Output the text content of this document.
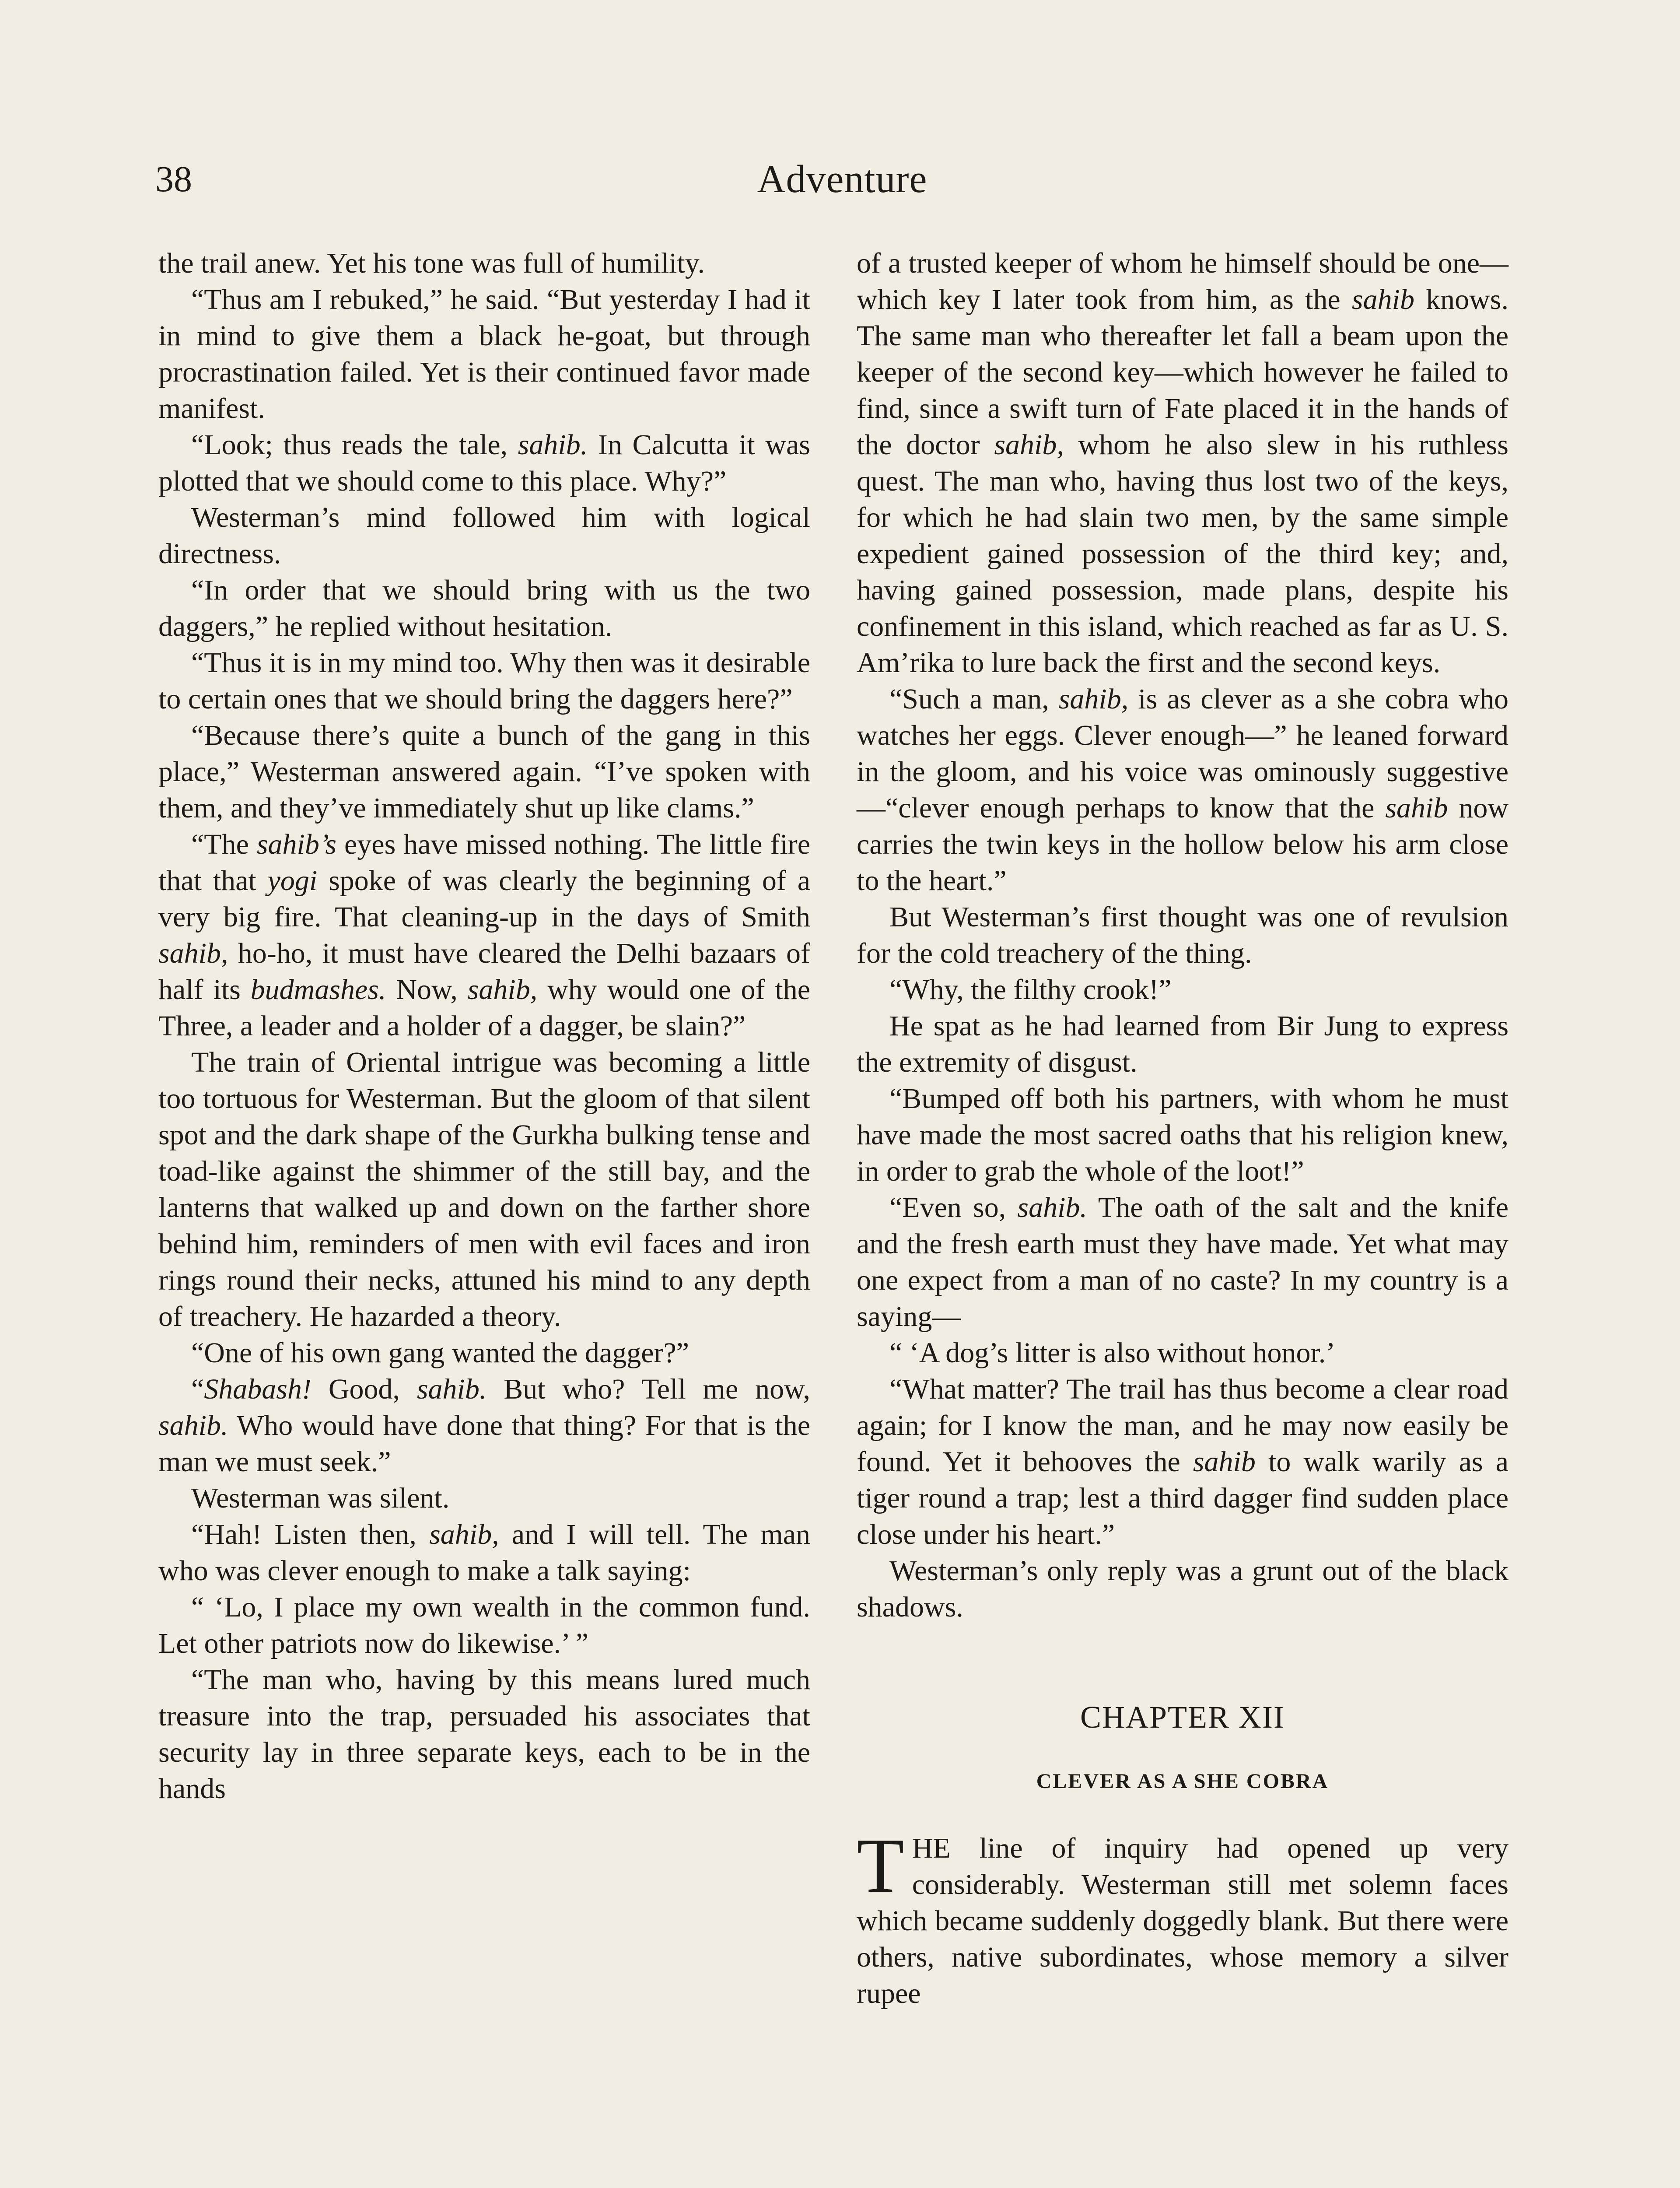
38	Adventure

the trail anew. Yet his tone was full of humility.

“Thus am I rebuked,” he said. “But yesterday I had it in mind to give them a black he-goat, but through procrastination failed. Yet is their continued favor made manifest.

“Look; thus reads the tale, sahib. In Calcutta it was plotted that we should come to this place. Why?”

Westerman’s mind followed him with logical directness.

“In order that we should bring with us the two daggers,” he replied without hesitation.

“Thus it is in my mind too. Why then was it desirable to certain ones that we should bring the daggers here?”

“Because there’s quite a bunch of the gang in this place,” Westerman answered again. “I’ve spoken with them, and they’ve immediately shut up like clams.”

“The sahib’s eyes have missed nothing. The little fire that that yogi spoke of was clearly the beginning of a very big fire. That cleaning-up in the days of Smith sahib, ho-ho, it must have cleared the Delhi bazaars of half its budmashes. Now, sahib, why would one of the Three, a leader and a holder of a dagger, be slain?”

The train of Oriental intrigue was becoming a little too tortuous for Westerman. But the gloom of that silent spot and the dark shape of the Gurkha bulking tense and toad-like against the shimmer of the still bay, and the lanterns that walked up and down on the farther shore behind him, reminders of men with evil faces and iron rings round their necks, attuned his mind to any depth of treachery. He hazarded a theory.

“One of his own gang wanted the dagger?”

“Shabash! Good, sahib. But who? Tell me now, sahib. Who would have done that thing? For that is the man we must seek.”

Westerman was silent.

“Hah! Listen then, sahib, and I will tell. The man who was clever enough to make a talk saying:

“ ‘Lo, I place my own wealth in the common fund. Let other patriots now do likewise.’ ”

“The man who, having by this means lured much treasure into the trap, persuaded his associates that security lay in three separate keys, each to be in the hands

of a trusted keeper of whom he himself should be one—which key I later took from him, as the sahib knows. The same man who thereafter let fall a beam upon the keeper of the second key—which however he failed to find, since a swift turn of Fate placed it in the hands of the doctor sahib, whom he also slew in his ruthless quest. The man who, having thus lost two of the keys, for which he had slain two men, by the same simple expedient gained possession of the third key; and, having gained possession, made plans, despite his confinement in this island, which reached as far as U. S. Am’rika to lure back the first and the second keys.

“Such a man, sahib, is as clever as a she cobra who watches her eggs. Clever enough—” he leaned forward in the gloom, and his voice was ominously suggestive—“clever enough perhaps to know that the sahib now carries the twin keys in the hollow below his arm close to the heart.”

But Westerman’s first thought was one of revulsion for the cold treachery of the thing.

“Why, the filthy crook!”

He spat as he had learned from Bir Jung to express the extremity of disgust.

“Bumped off both his partners, with whom he must have made the most sacred oaths that his religion knew, in order to grab the whole of the loot!”

“Even so, sahib. The oath of the salt and the knife and the fresh earth must they have made. Yet what may one expect from a man of no caste? In my country is a saying—

“ ‘A dog’s litter is also without honor.’

“What matter? The trail has thus become a clear road again; for I know the man, and he may now easily be found. Yet it behooves the sahib to walk warily as a tiger round a trap; lest a third dagger find sudden place close under his heart.”

Westerman’s only reply was a grunt out of the black shadows.

CHAPTER XII
CLEVER AS A SHE COBRA

THE line of inquiry had opened up very considerably. Westerman still met solemn faces which became suddenly doggedly blank. But there were others, native subordinates, whose memory a silver rupee
